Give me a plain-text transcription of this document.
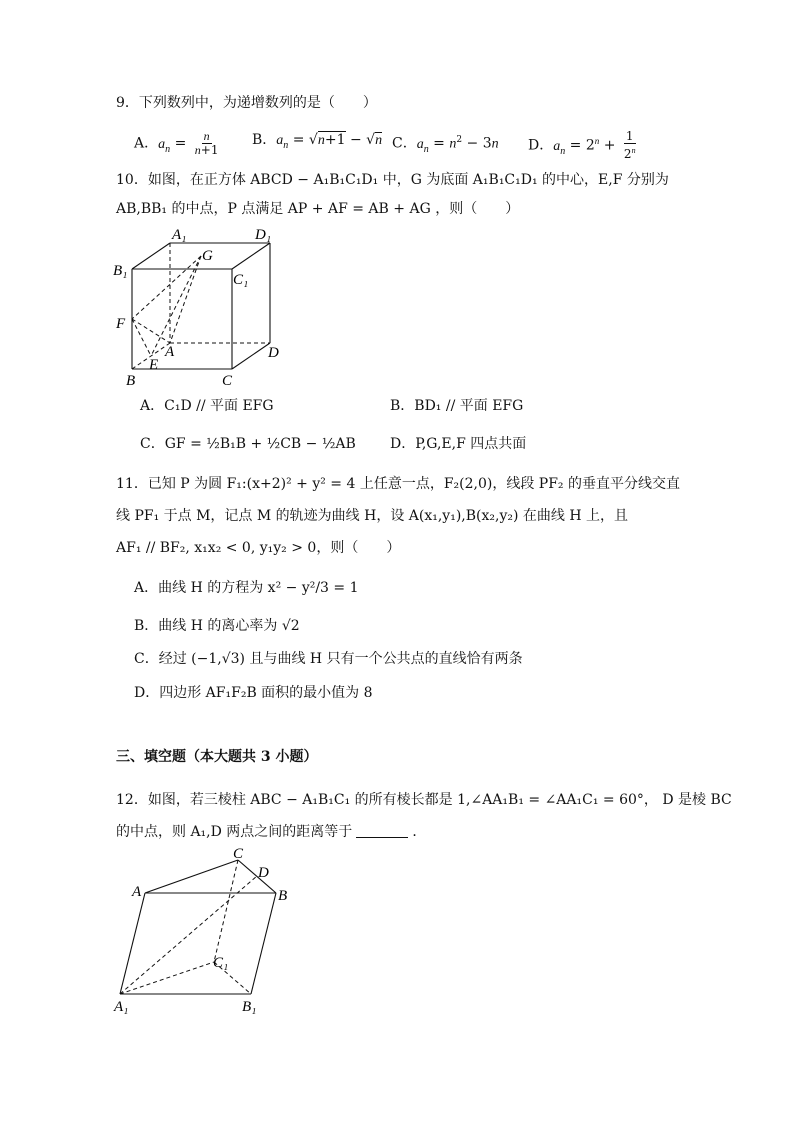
9．下列数列中，为递增数列的是（　　）
A．$a_n = \frac{n}{n+1}$ B．$a_n = √n+1 - √n$ C．$a_n = n^2 - 3n$ D．$a_n = 2^n + \frac{1}{2^n}$
10．如图，在正方体 ABCD − A₁B₁C₁D₁ 中，G 为底面 A₁B₁C₁D₁ 的中心，E,F 分别为
AB,BB₁ 的中点，P 点满足 AP + AF = AB + AG ，则（　　）
A₁	D₁
B₁
G
C₁
F
A	D
E
B	C
A．C₁D // 平面 EFG	B．BD₁ // 平面 EFG
C．GF = ½B₁B + ½CB − ½AB D．P,G,E,F 四点共面
11．已知 P 为圆 F₁:(x+2)² + y² = 4 上任意一点，F₂(2,0)，线段 PF₂ 的垂直平分线交直
线 PF₁ 于点 M，记点 M 的轨迹为曲线 H，设 A(x₁,y₁),B(x₂,y₂) 在曲线 H 上，且
AF₁ // BF₂, x₁x₂ < 0, y₁y₂ > 0，则（　　）
A．曲线 H 的方程为 x² − y²/3 = 1
B．曲线 H 的离心率为 √2
C．经过 (−1,√3) 且与曲线 H 只有一个公共点的直线恰有两条
D．四边形 AF₁F₂B 面积的最小值为 8
三、填空题（本大题共 3 小题）
12．如图，若三棱柱 ABC − A₁B₁C₁ 的所有棱长都是 1,∠AA₁B₁ = ∠AA₁C₁ = 60°， D 是棱 BC
的中点，则 A₁,D 两点之间的距离等于	．
C
D
A	B
C₁
A₁	B₁
